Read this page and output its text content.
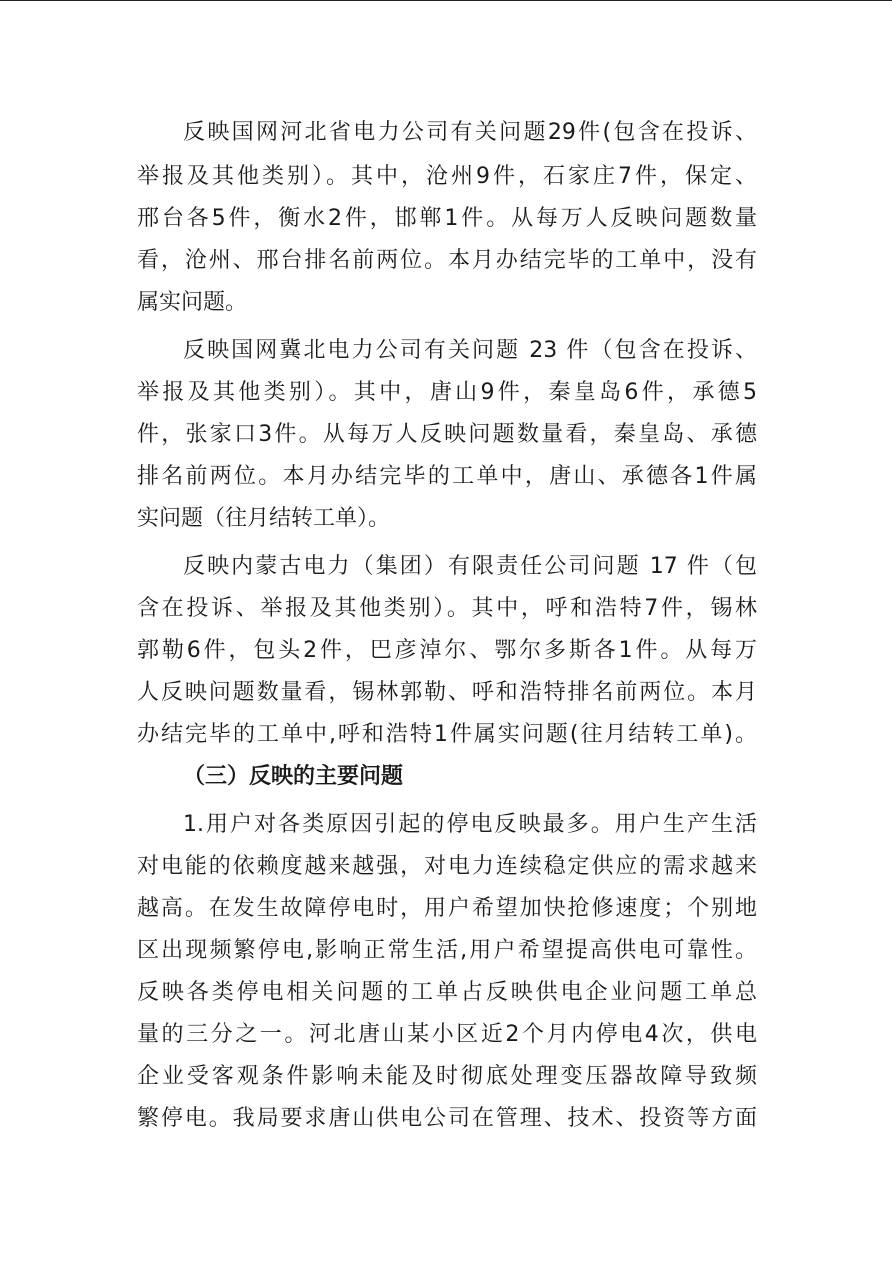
反映国网河北省电力公司有关问题29件(包含在投诉、
举报及其他类别）。其中，沧州9件，石家庄7件，保定、
邢台各5件，衡水2件，邯郸1件。从每万人反映问题数量
看，沧州、邢台排名前两位。本月办结完毕的工单中，没有
属实问题。
反映国网冀北电力公司有关问题 23 件（包含在投诉、
举报及其他类别）。其中，唐山9件，秦皇岛6件，承德5
件，张家口3件。从每万人反映问题数量看，秦皇岛、承德
排名前两位。本月办结完毕的工单中，唐山、承德各1件属
实问题（往月结转工单）。
反映内蒙古电力（集团）有限责任公司问题 17 件（包
含在投诉、举报及其他类别）。其中，呼和浩特7件，锡林
郭勒6件，包头2件，巴彦淖尔、鄂尔多斯各1件。从每万
人反映问题数量看，锡林郭勒、呼和浩特排名前两位。本月
办结完毕的工单中,呼和浩特1件属实问题(往月结转工单)。
（三）反映的主要问题
1.用户对各类原因引起的停电反映最多。用户生产生活
对电能的依赖度越来越强，对电力连续稳定供应的需求越来
越高。在发生故障停电时，用户希望加快抢修速度；个别地
区出现频繁停电,影响正常生活,用户希望提高供电可靠性。
反映各类停电相关问题的工单占反映供电企业问题工单总
量的三分之一。河北唐山某小区近2个月内停电4次，供电
企业受客观条件影响未能及时彻底处理变压器故障导致频
繁停电。我局要求唐山供电公司在管理、技术、投资等方面
